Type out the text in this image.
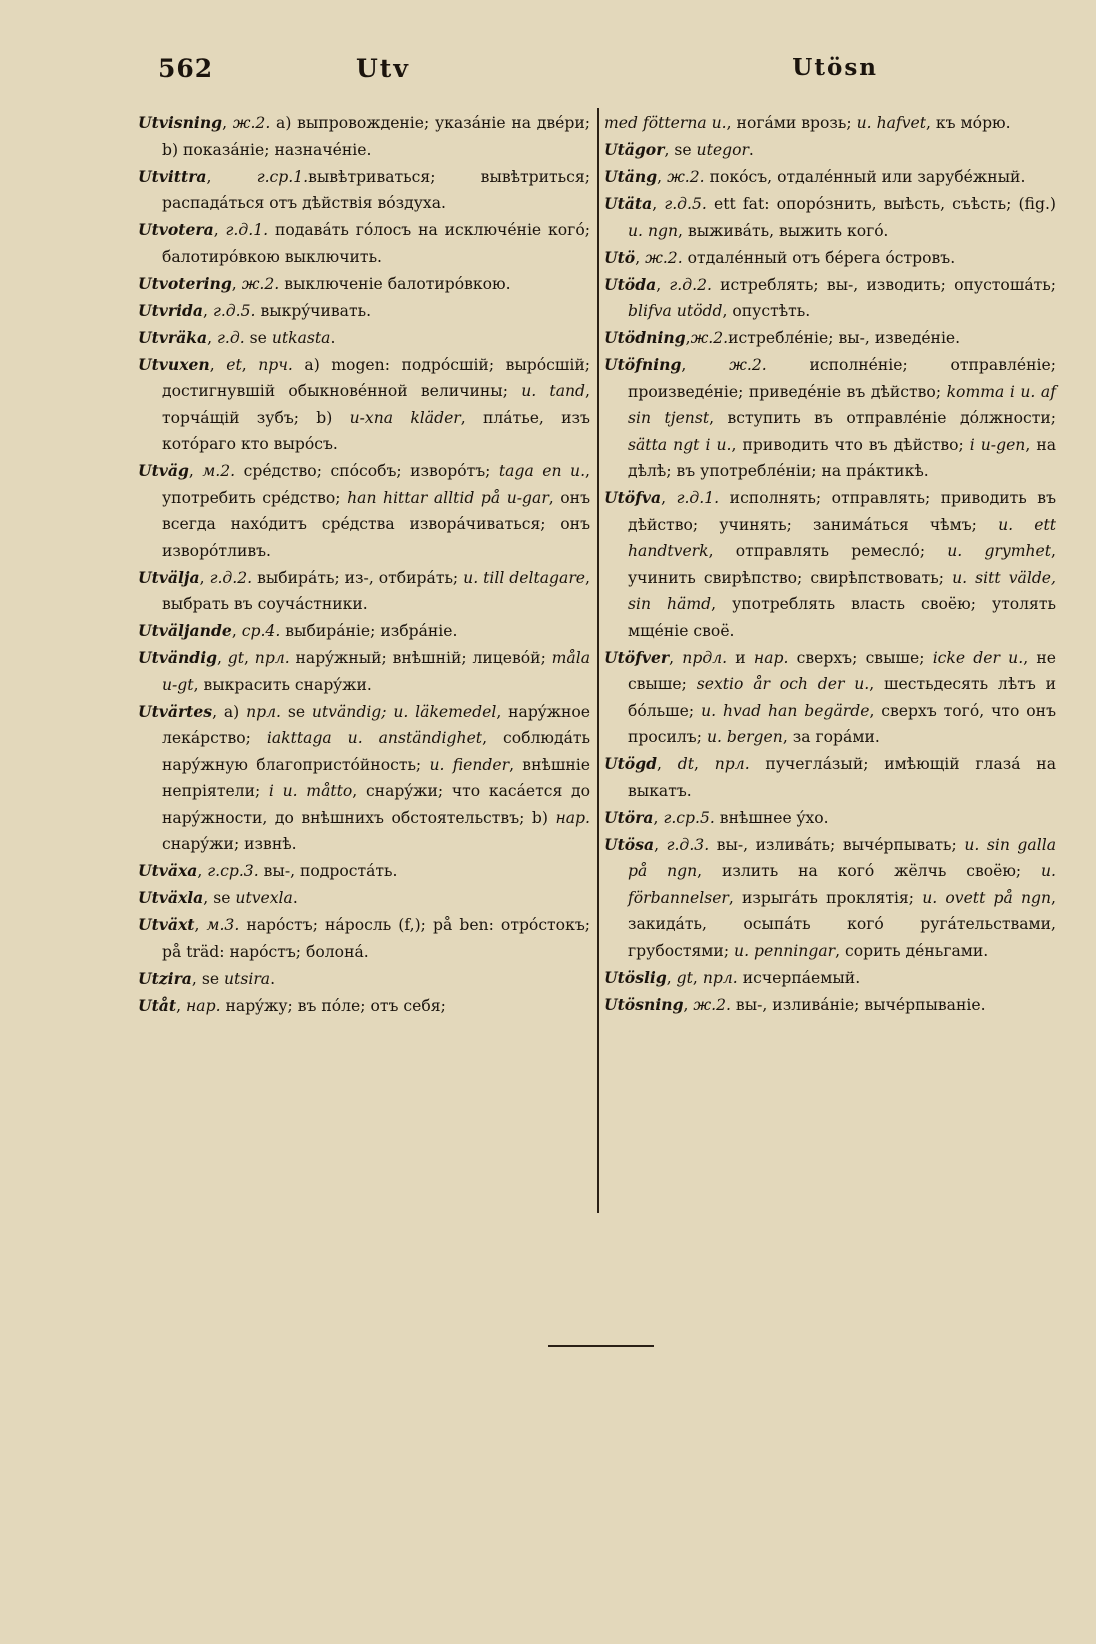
562	Utv	Utösn

Utvisning, ж.2. a) выпровожденіе; указáніе на двéри; b) показáніе; назначéніе.

Utvittra, г.ср.1.вывѣтриваться; вывѣтриться; распадáться отъ дѣйствія вóздуха.

Utvotera, г.д.1. подавáть гóлосъ на исключéніе когó; балотирóвкою выключить.

Utvotering, ж.2. выключеніе балотирóвкою.

Utvrida, г.д.5. выкрýчивать.

Utvräka, г.д. se utkasta.

Utvuxen, et, прч. a) mogen: подрóсшій; вырóсшій; достигнувшій обыкновéнной величины; u. tand, торчáщій зубъ; b) u-xna kläder, плáтье, изъ котóраго кто вырóсъ.

Utväg, м.2. срéдство; спóсобъ; изворóтъ; taga en u., употребить срéдство; han hittar alltid på u-gar, онъ всегда нахóдитъ срéдства изворáчиваться; онъ изворóтливъ.

Utvälja, г.д.2. выбирáть; из-, отбирáть; u. till deltagare, выбрать въ соучáстники.

Utväljande, ср.4. выбирáніе; избрáніе.

Utvändig, gt, прл. нарýжный; внѣшній; лицевóй; måla u-gt, выкрасить снарýжи.

Utvärtes, a) прл. se utvändig; u. läkemedel, нарýжное лекáрство; iakttaga u. anständighet, соблюдáть нарýжную благопристóйность; u. fiender, внѣшніе непріятели; i u. måtto, снарýжи; что касáется до нарýжности, до внѣшнихъ обстоятельствъ; b) нар. снарýжи; извнѣ.

Utväxa, г.ср.3. вы-, подростáть.

Utväxla, se utvexla.

Utväxt, м.3. нарóстъ; нáросль (f,); på ben: отрóстокъ; på träd: нарóстъ; болонá.

Utzira, se utsira.

Utåt, нар. нарýжу; въ пóле; отъ себя;

med fötterna u., ногáми врозь; u. hafvet, къ мóрю.

Utägor, se utegor.

Utäng, ж.2. покóсъ, отдалéнный или зарубéжный.

Utäta, г.д.5. ett fat: опорóзнить, выѣсть, съѣсть; (fig.) u. ngn, выживáть, выжить когó.

Utö, ж.2. отдалéнный отъ бéрега óстровъ.

Utöda, г.д.2. истреблять; вы-, изводить; опустошáть; blifva utödd, опустѣть.

Utödning,ж.2.истреблéніе; вы-, изведéніе.

Utöfning, ж.2. исполнéніе; отправлéніе; произведéніе; приведéніе въ дѣйство; komma i u. af sin tjenst, вступить въ отправлéніе дóлжности; sätta ngt i u., приводить что въ дѣйство; i u-gen, на дѣлѣ; въ употреблéніи; на прáктикѣ.

Utöfva, г.д.1. исполнять; отправлять; приводить въ дѣйство; учинять; занимáться чѣмъ; u. ett handtverk, отправлять ремеслó; u. grymhet, учинить свирѣпство; свирѣпствовать; u. sitt välde, sin hämd, употреблять власть своёю; утолять мщéніе своё.

Utöfver, прдл. и нар. сверхъ; свыше; icke der u., не свыше; sextio år och der u., шестьдесять лѣтъ и бóльше; u. hvad han begärde, сверхъ тогó, что онъ просилъ; u. bergen, за горáми.

Utögd, dt, прл. пучеглáзый; имѣющій глазá на выкатъ.

Utöra, г.ср.5. внѣшнее ýхо.

Utösa, г.д.3. вы-, изливáть; вычéрпывать; u. sin galla på ngn, излить на когó жёлчь своёю; u. förbannelser, изрыгáть проклятія; u. ovett på ngn, закидáть, осыпáть когó ругáтельствами, грубостями; u. penningar, сорить дéньгами.

Utöslig, gt, прл. исчерпáемый.

Utösning, ж.2. вы-, изливáніе; вычéрпываніе.
